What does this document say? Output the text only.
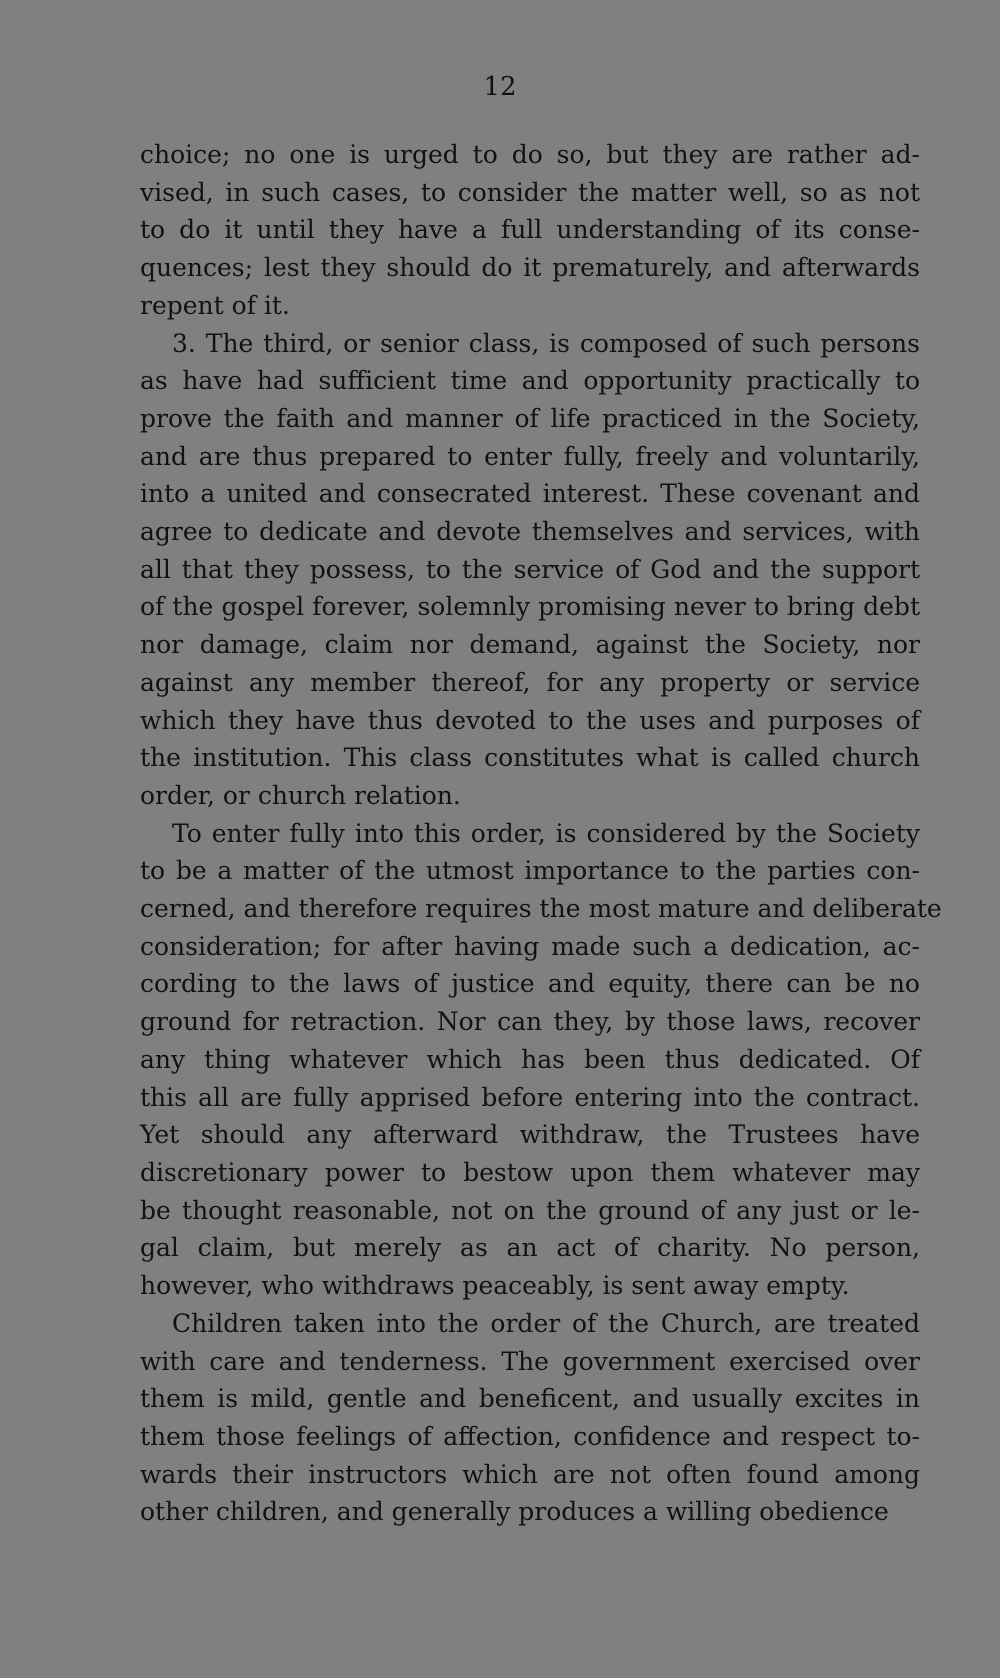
12
choice; no one is urged to do so, but they are rather ad-
vised, in such cases, to consider the matter well, so as not
to do it until they have a full understanding of its conse-
quences; lest they should do it prematurely, and afterwards
repent of it.
3. The third, or senior class, is composed of such persons
as have had sufficient time and opportunity practically to
prove the faith and manner of life practiced in the Society,
and are thus prepared to enter fully, freely and voluntarily,
into a united and consecrated interest. These covenant and
agree to dedicate and devote themselves and services, with
all that they possess, to the service of God and the support
of the gospel forever, solemnly promising never to bring debt
nor damage, claim nor demand, against the Society, nor
against any member thereof, for any property or service
which they have thus devoted to the uses and purposes of
the institution. This class constitutes what is called church
order, or church relation.
To enter fully into this order, is considered by the Society
to be a matter of the utmost importance to the parties con-
cerned, and therefore requires the most mature and deliberate
consideration; for after having made such a dedication, ac-
cording to the laws of justice and equity, there can be no
ground for retraction. Nor can they, by those laws, recover
any thing whatever which has been thus dedicated. Of
this all are fully apprised before entering into the contract.
Yet should any afterward withdraw, the Trustees have
discretionary power to bestow upon them whatever may
be thought reasonable, not on the ground of any just or le-
gal claim, but merely as an act of charity. No person,
however, who withdraws peaceably, is sent away empty.
Children taken into the order of the Church, are treated
with care and tenderness. The government exercised over
them is mild, gentle and beneficent, and usually excites in
them those feelings of affection, confidence and respect to-
wards their instructors which are not often found among
other children, and generally produces a willing obedience
